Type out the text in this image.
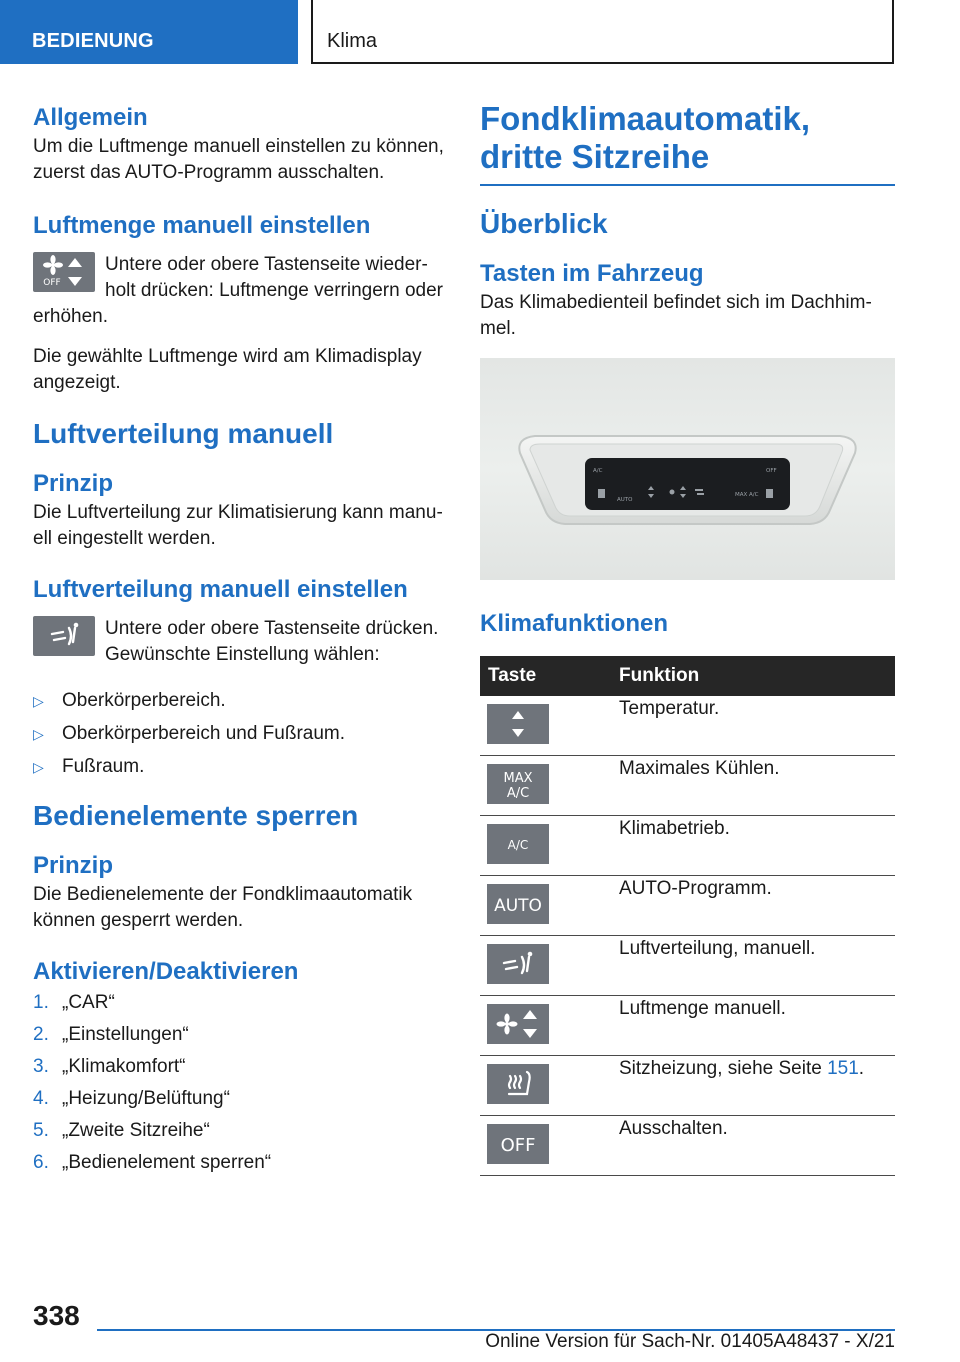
BEDIENUNG	Klima
Allgemein

Um die Luftmenge manuell einstellen zu können, zuerst das AUTO-Programm ausschalten.

Luftmenge manuell einstellen
OFF

Untere oder obere Tastenseite wiederholt drücken: Luftmenge verringern oder erhöhen.

Die gewählte Luftmenge wird am Klimadisplay angezeigt.

Luftverteilung manuell
Prinzip

Die Luftverteilung zur Klimatisierung kann manuell eingestellt werden.

Luftverteilung manuell einstellen

Untere oder obere Tastenseite drücken. Gewünschte Einstellung wählen:

▷ Oberkörperbereich.
▷ Oberkörperbereich und Fußraum.
▷ Fußraum.
Bedienelemente sperren
Prinzip

Die Bedienelemente der Fondklimaautomatik können gesperrt werden.

Aktivieren/Deaktivieren
1. „CAR“
2. „Einstellungen“
3. „Klimakomfort“
4. „Heizung/Belüftung“
5. „Zweite Sitzreihe“
6. „Bedienelement sperren“
Fondklimaautomatik, dritte Sitzreihe
Überblick
Tasten im Fahrzeug

Das Klimabedienteil befindet sich im Dachhimmel.

A/C	OFF
AUTO
MAX A/C
Klimafunktionen
Taste	Funktion

	Temperatur.

MAX
A/C	Maximales Kühlen.

A/C	Klimabetrieb.

AUTO	AUTO-Programm.

	Luftverteilung, manuell.

	Luftmenge manuell.

	Sitzheizung, siehe Seite 151.

OFF	Ausschalten.
338
Online Version für Sach-Nr. 01405A48437 - X/21
